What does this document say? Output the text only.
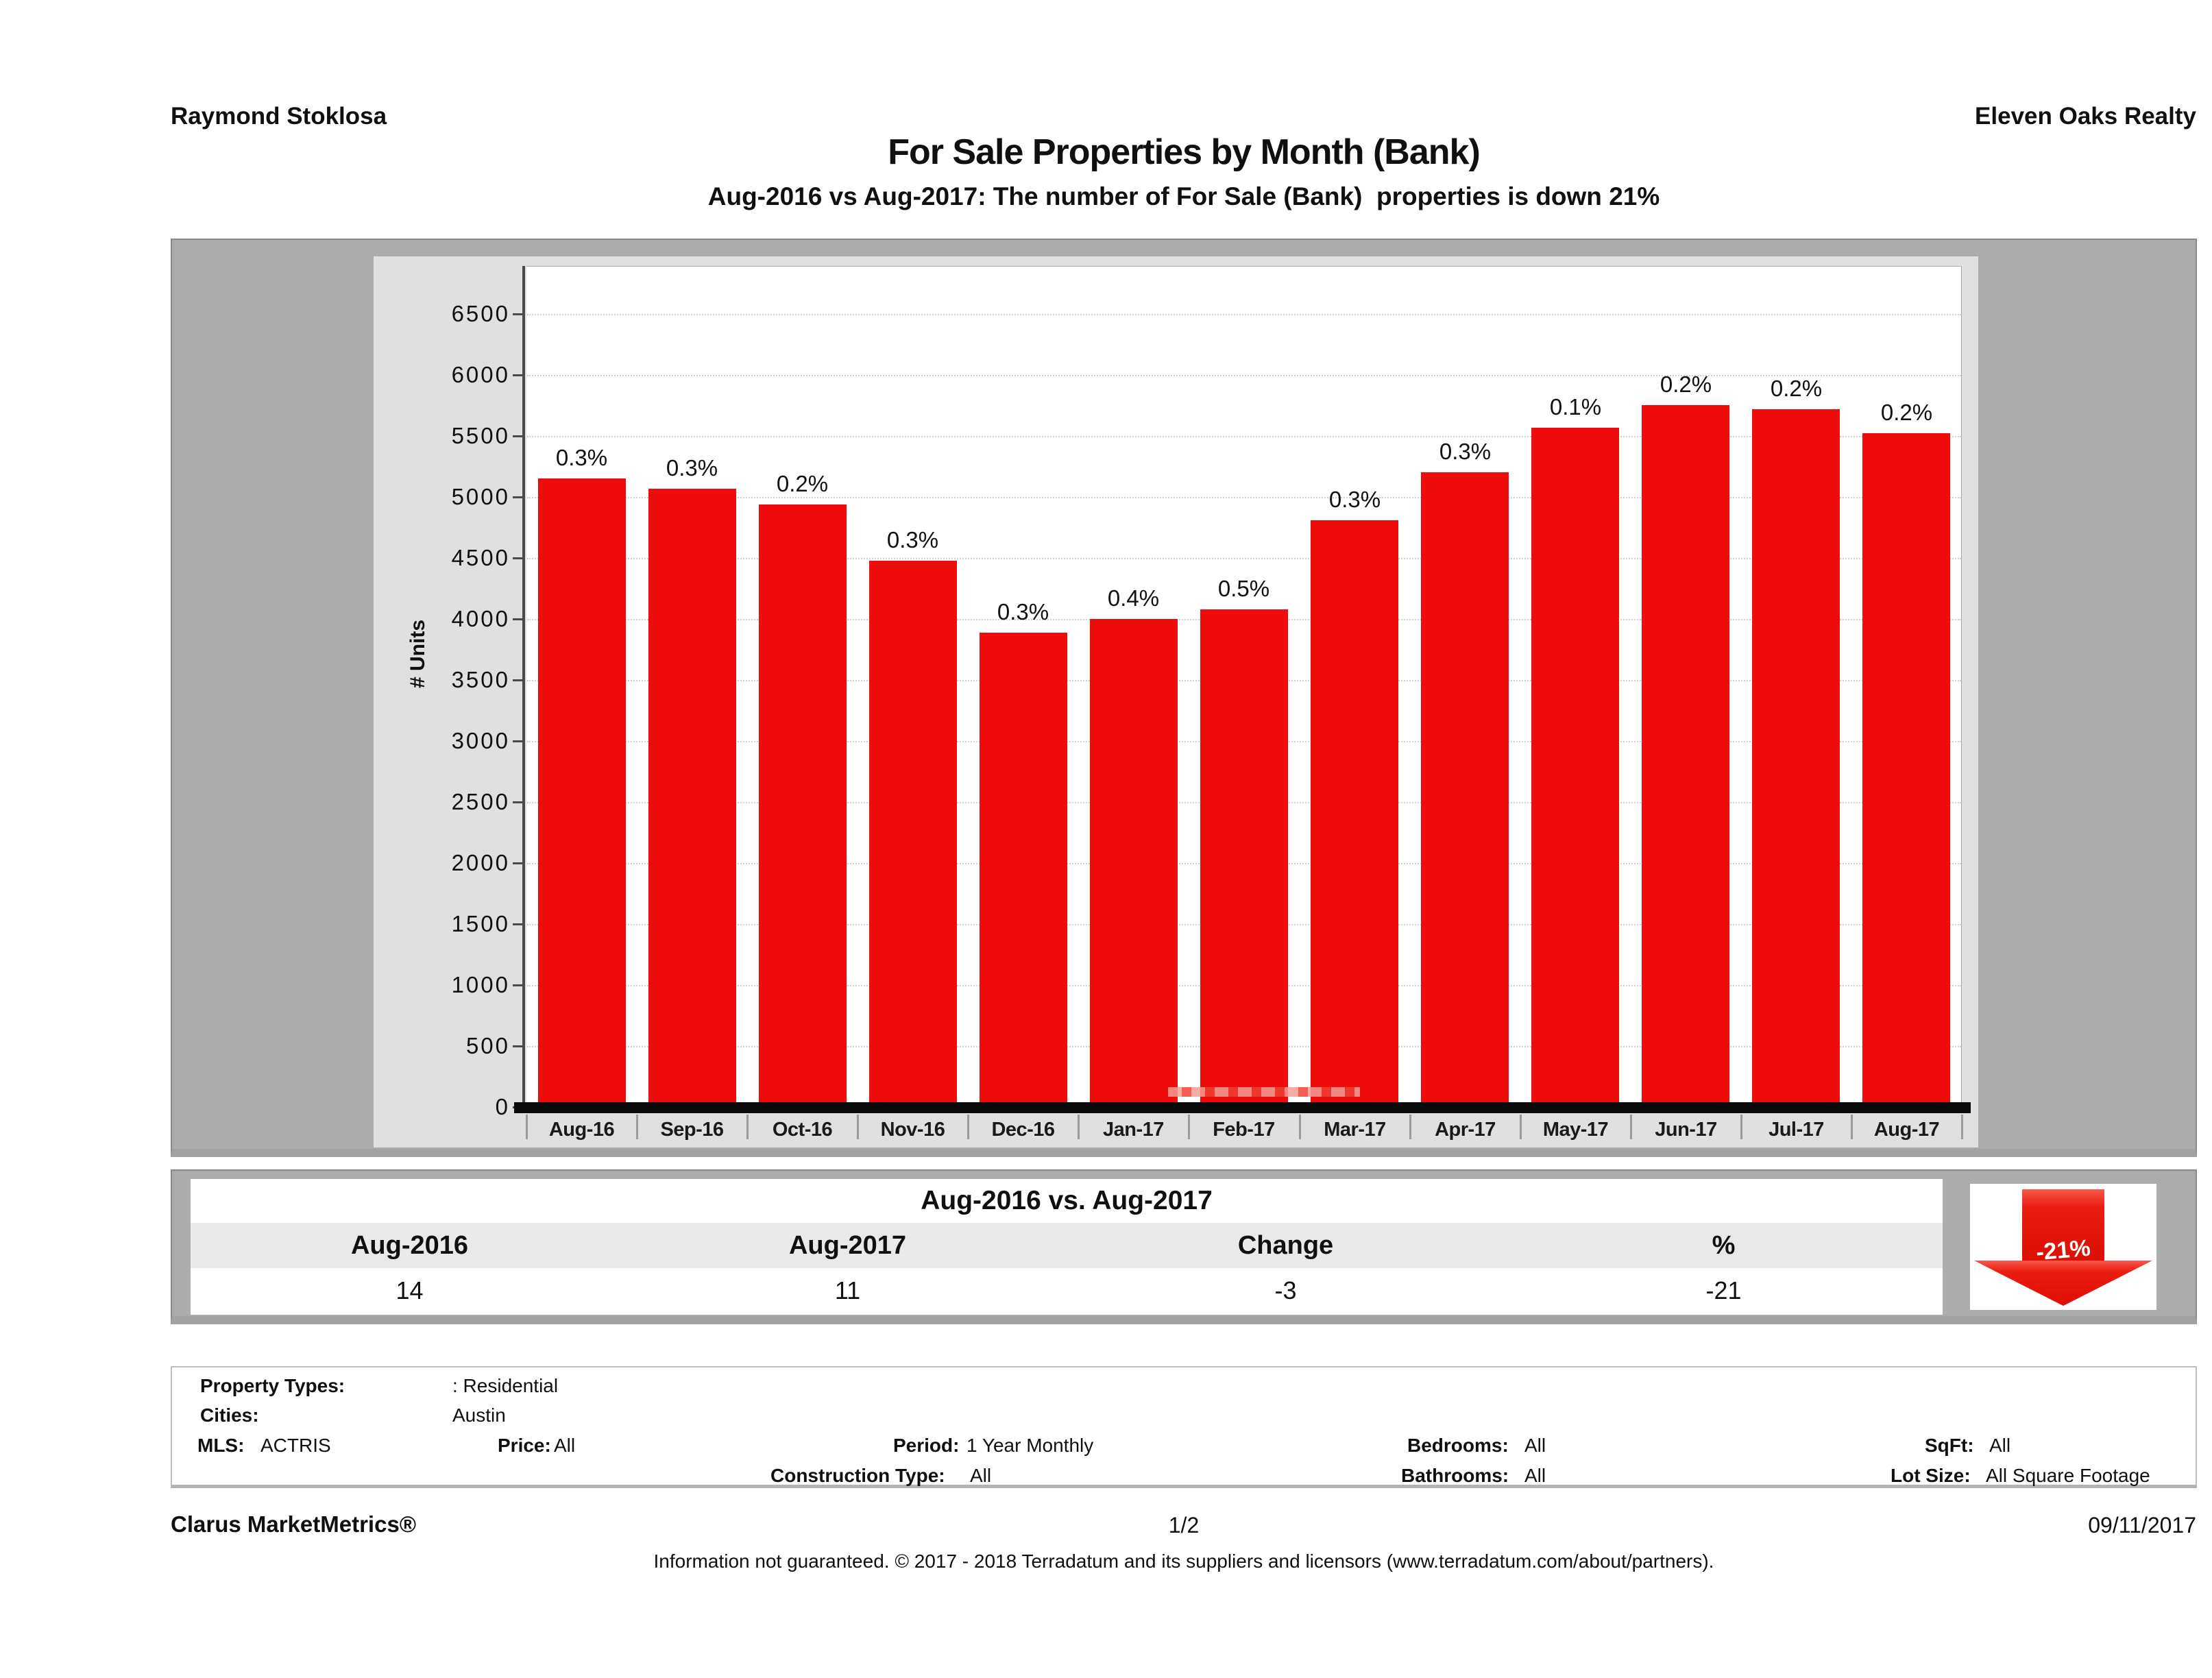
Raymond Stoklosa	Eleven Oaks Realty
For Sale Properties by Month (Bank)
Aug-2016 vs Aug-2017: The number of For Sale (Bank)  properties is down 21%
# Units
0
500
1000
1500
2000
2500
3000
3500
4000
4500
5000
5500
6000
6500
0.3%	0.3%
0.2%
0.3%
0.3%
0.4%	0.5%
0.3%
0.3%
0.1%
0.2%	0.2%
0.2%
Aug-16	Sep-16	Oct-16	Nov-16	Dec-16	Jan-17	Feb-17	Mar-17	Apr-17	May-17	Jun-17	Jul-17	Aug-17
Aug-2016 vs. Aug-2017
Aug-2016	Aug-2017	Change	%
14	11	-3	-21
-21%
Property Types:	: Residential
Cities:	Austin
MLS: ACTRIS	Price: All	Period: 1 Year Monthly
Construction Type: All
Bedrooms: All
Bathrooms: All
SqFt: All
Lot Size: All Square Footage
Clarus MarketMetrics®	1/2	09/11/2017
Information not guaranteed. © 2017 - 2018 Terradatum and its suppliers and licensors (www.terradatum.com/about/partners).
